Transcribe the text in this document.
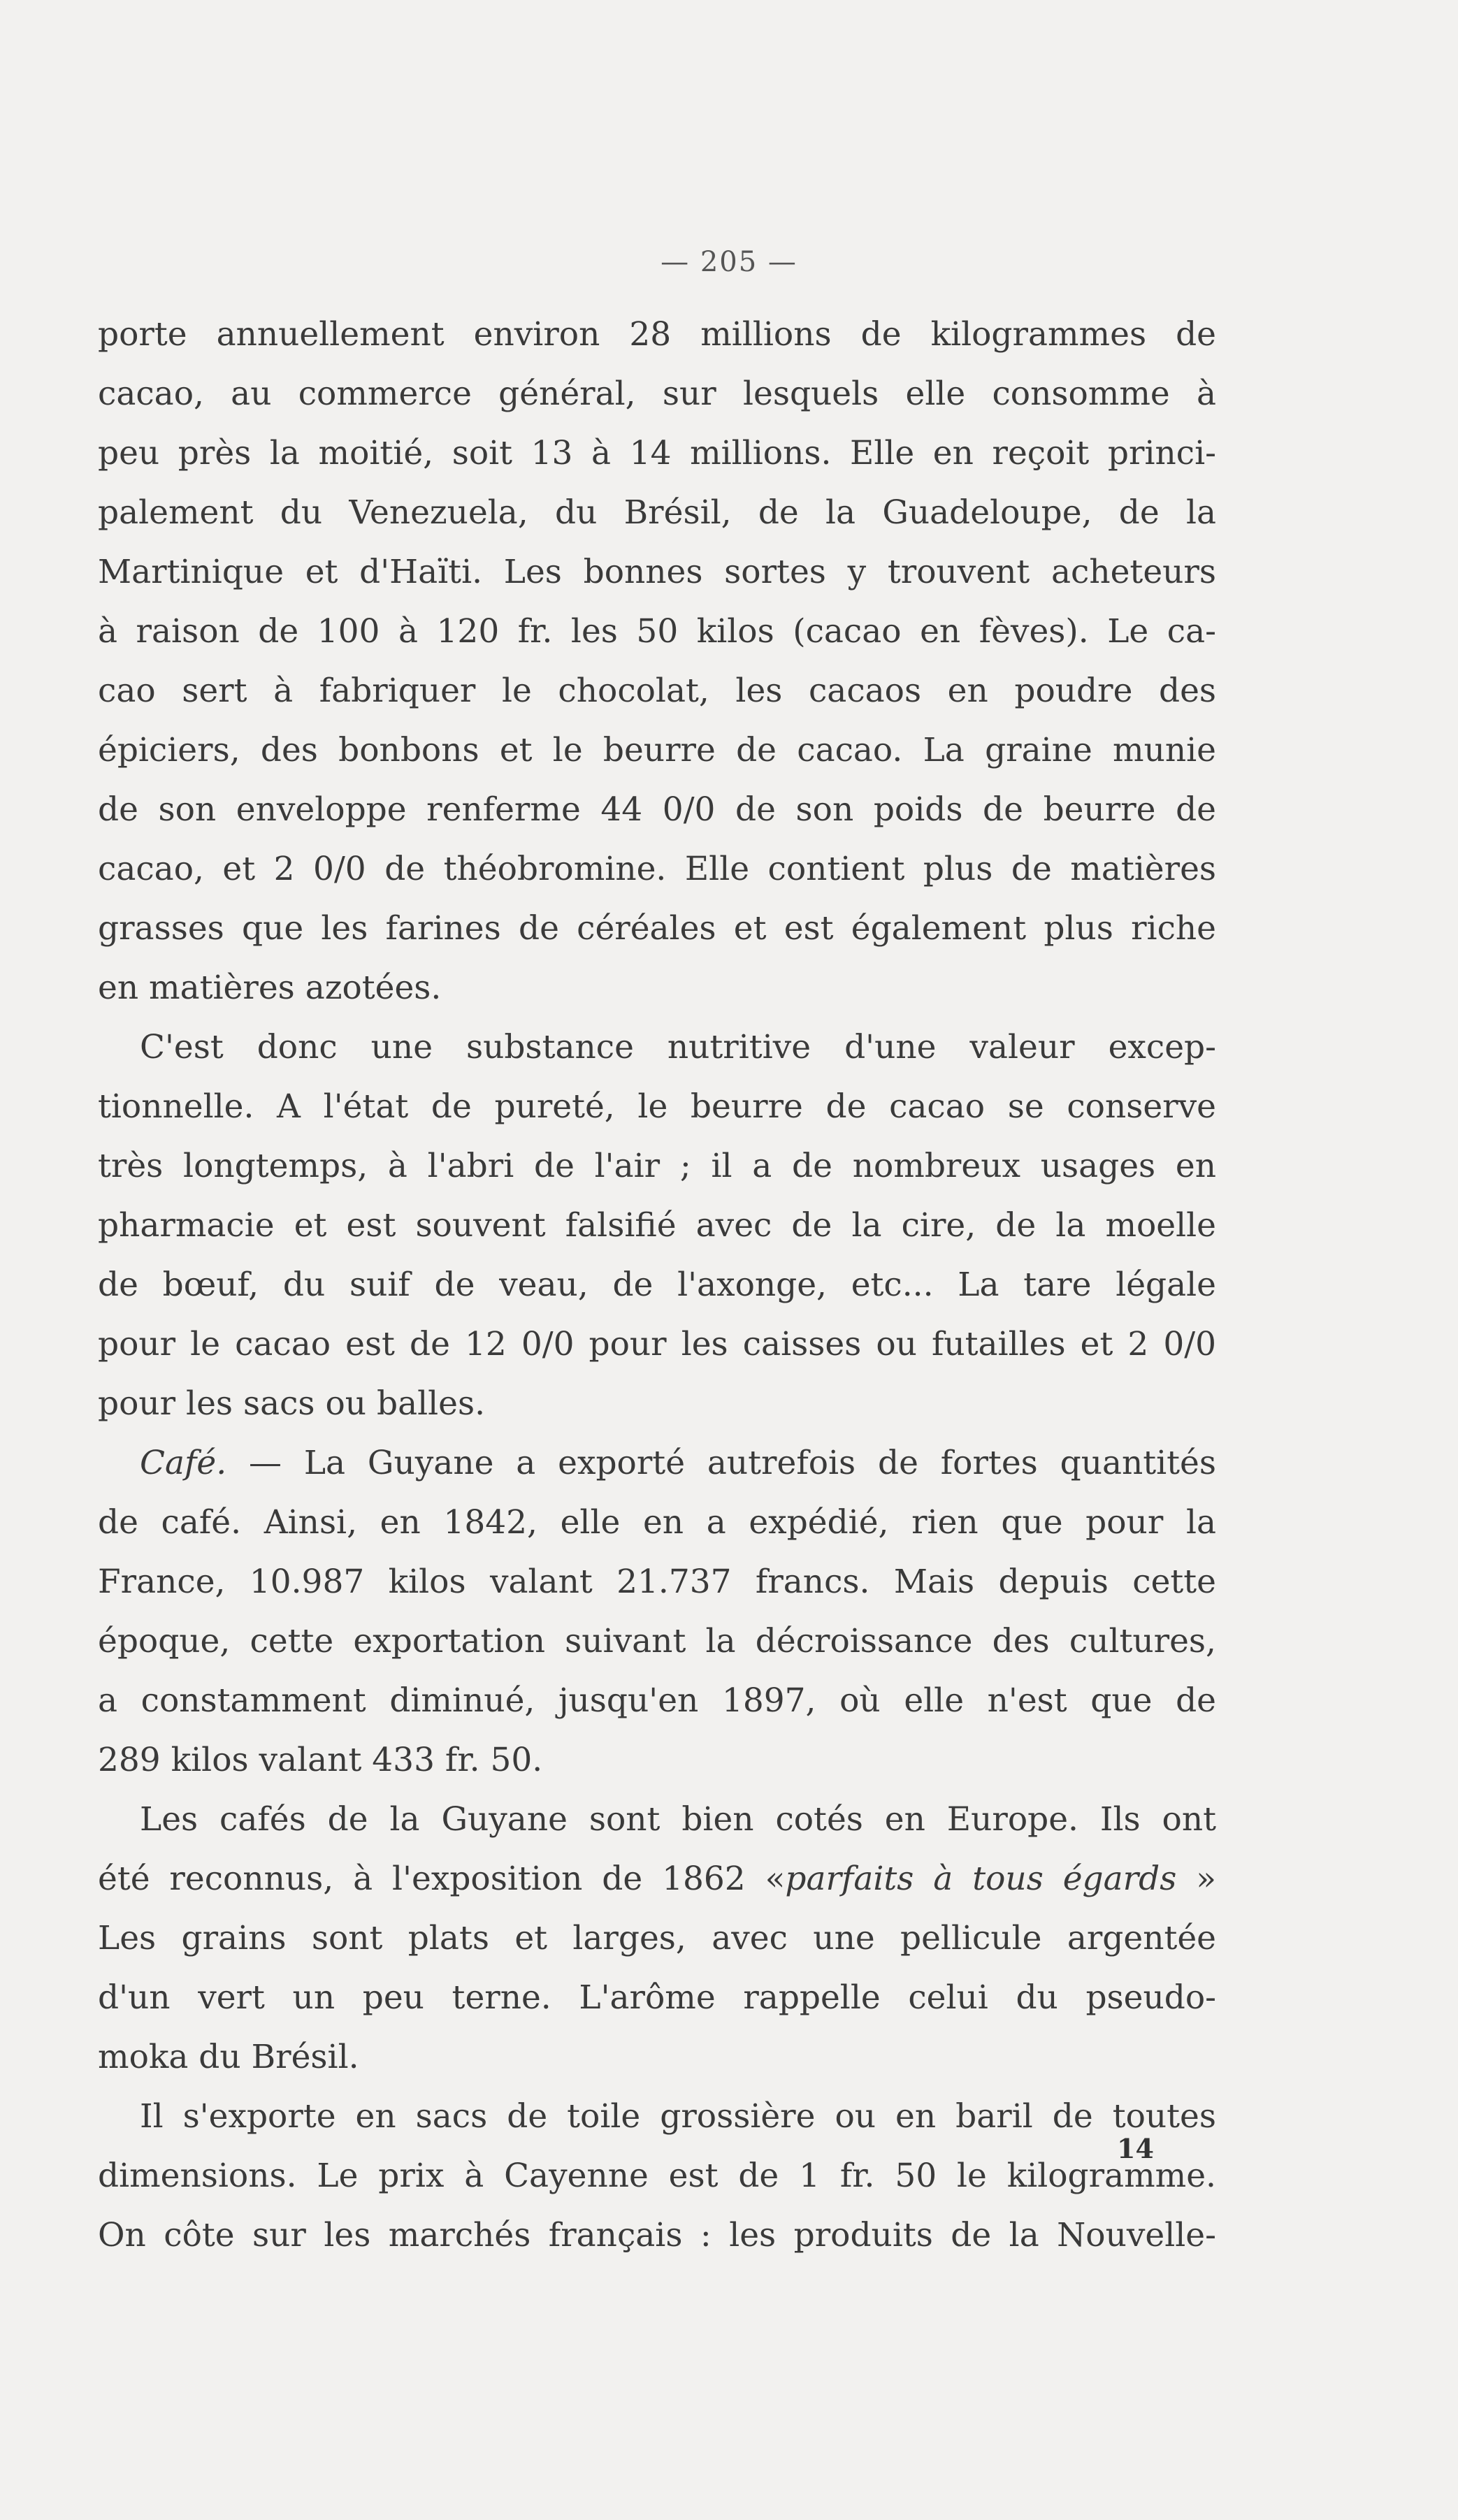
— 205 —
porte annuellement environ 28 millions de kilogrammes de
cacao, au commerce général, sur lesquels elle consomme à
peu près la moitié, soit 13 à 14 millions. Elle en reçoit princi-
palement du Venezuela, du Brésil, de la Guadeloupe, de la
Martinique et d'Haïti. Les bonnes sortes y trouvent acheteurs
à raison de 100 à 120 fr. les 50 kilos (cacao en fèves). Le ca-
cao sert à fabriquer le chocolat, les cacaos en poudre des
épiciers, des bonbons et le beurre de cacao. La graine munie
de son enveloppe renferme 44 0/0 de son poids de beurre de
cacao, et 2 0/0 de théobromine. Elle contient plus de matières
grasses que les farines de céréales et est également plus riche
en matières azotées.
C'est donc une substance nutritive d'une valeur excep-
tionnelle. A l'état de pureté, le beurre de cacao se conserve
très longtemps, à l'abri de l'air ; il a de nombreux usages en
pharmacie et est souvent falsifié avec de la cire, de la moelle
de bœuf, du suif de veau, de l'axonge, etc... La tare légale
pour le cacao est de 12 0/0 pour les caisses ou futailles et 2 0/0
pour les sacs ou balles.
Café. — La Guyane a exporté autrefois de fortes quantités
de café. Ainsi, en 1842, elle en a expédié, rien que pour la
France, 10.987 kilos valant 21.737 francs. Mais depuis cette
époque, cette exportation suivant la décroissance des cultures,
a constamment diminué, jusqu'en 1897, où elle n'est que de
289 kilos valant 433 fr. 50.
Les cafés de la Guyane sont bien cotés en Europe. Ils ont
été reconnus, à l'exposition de 1862 «parfaits à tous égards »
Les grains sont plats et larges, avec une pellicule argentée
d'un vert un peu terne. L'arôme rappelle celui du pseudo-
moka du Brésil.
Il s'exporte en sacs de toile grossière ou en baril de toutes
dimensions. Le prix à Cayenne est de 1 fr. 50 le kilogramme.
On côte sur les marchés français : les produits de la Nouvelle-
14
